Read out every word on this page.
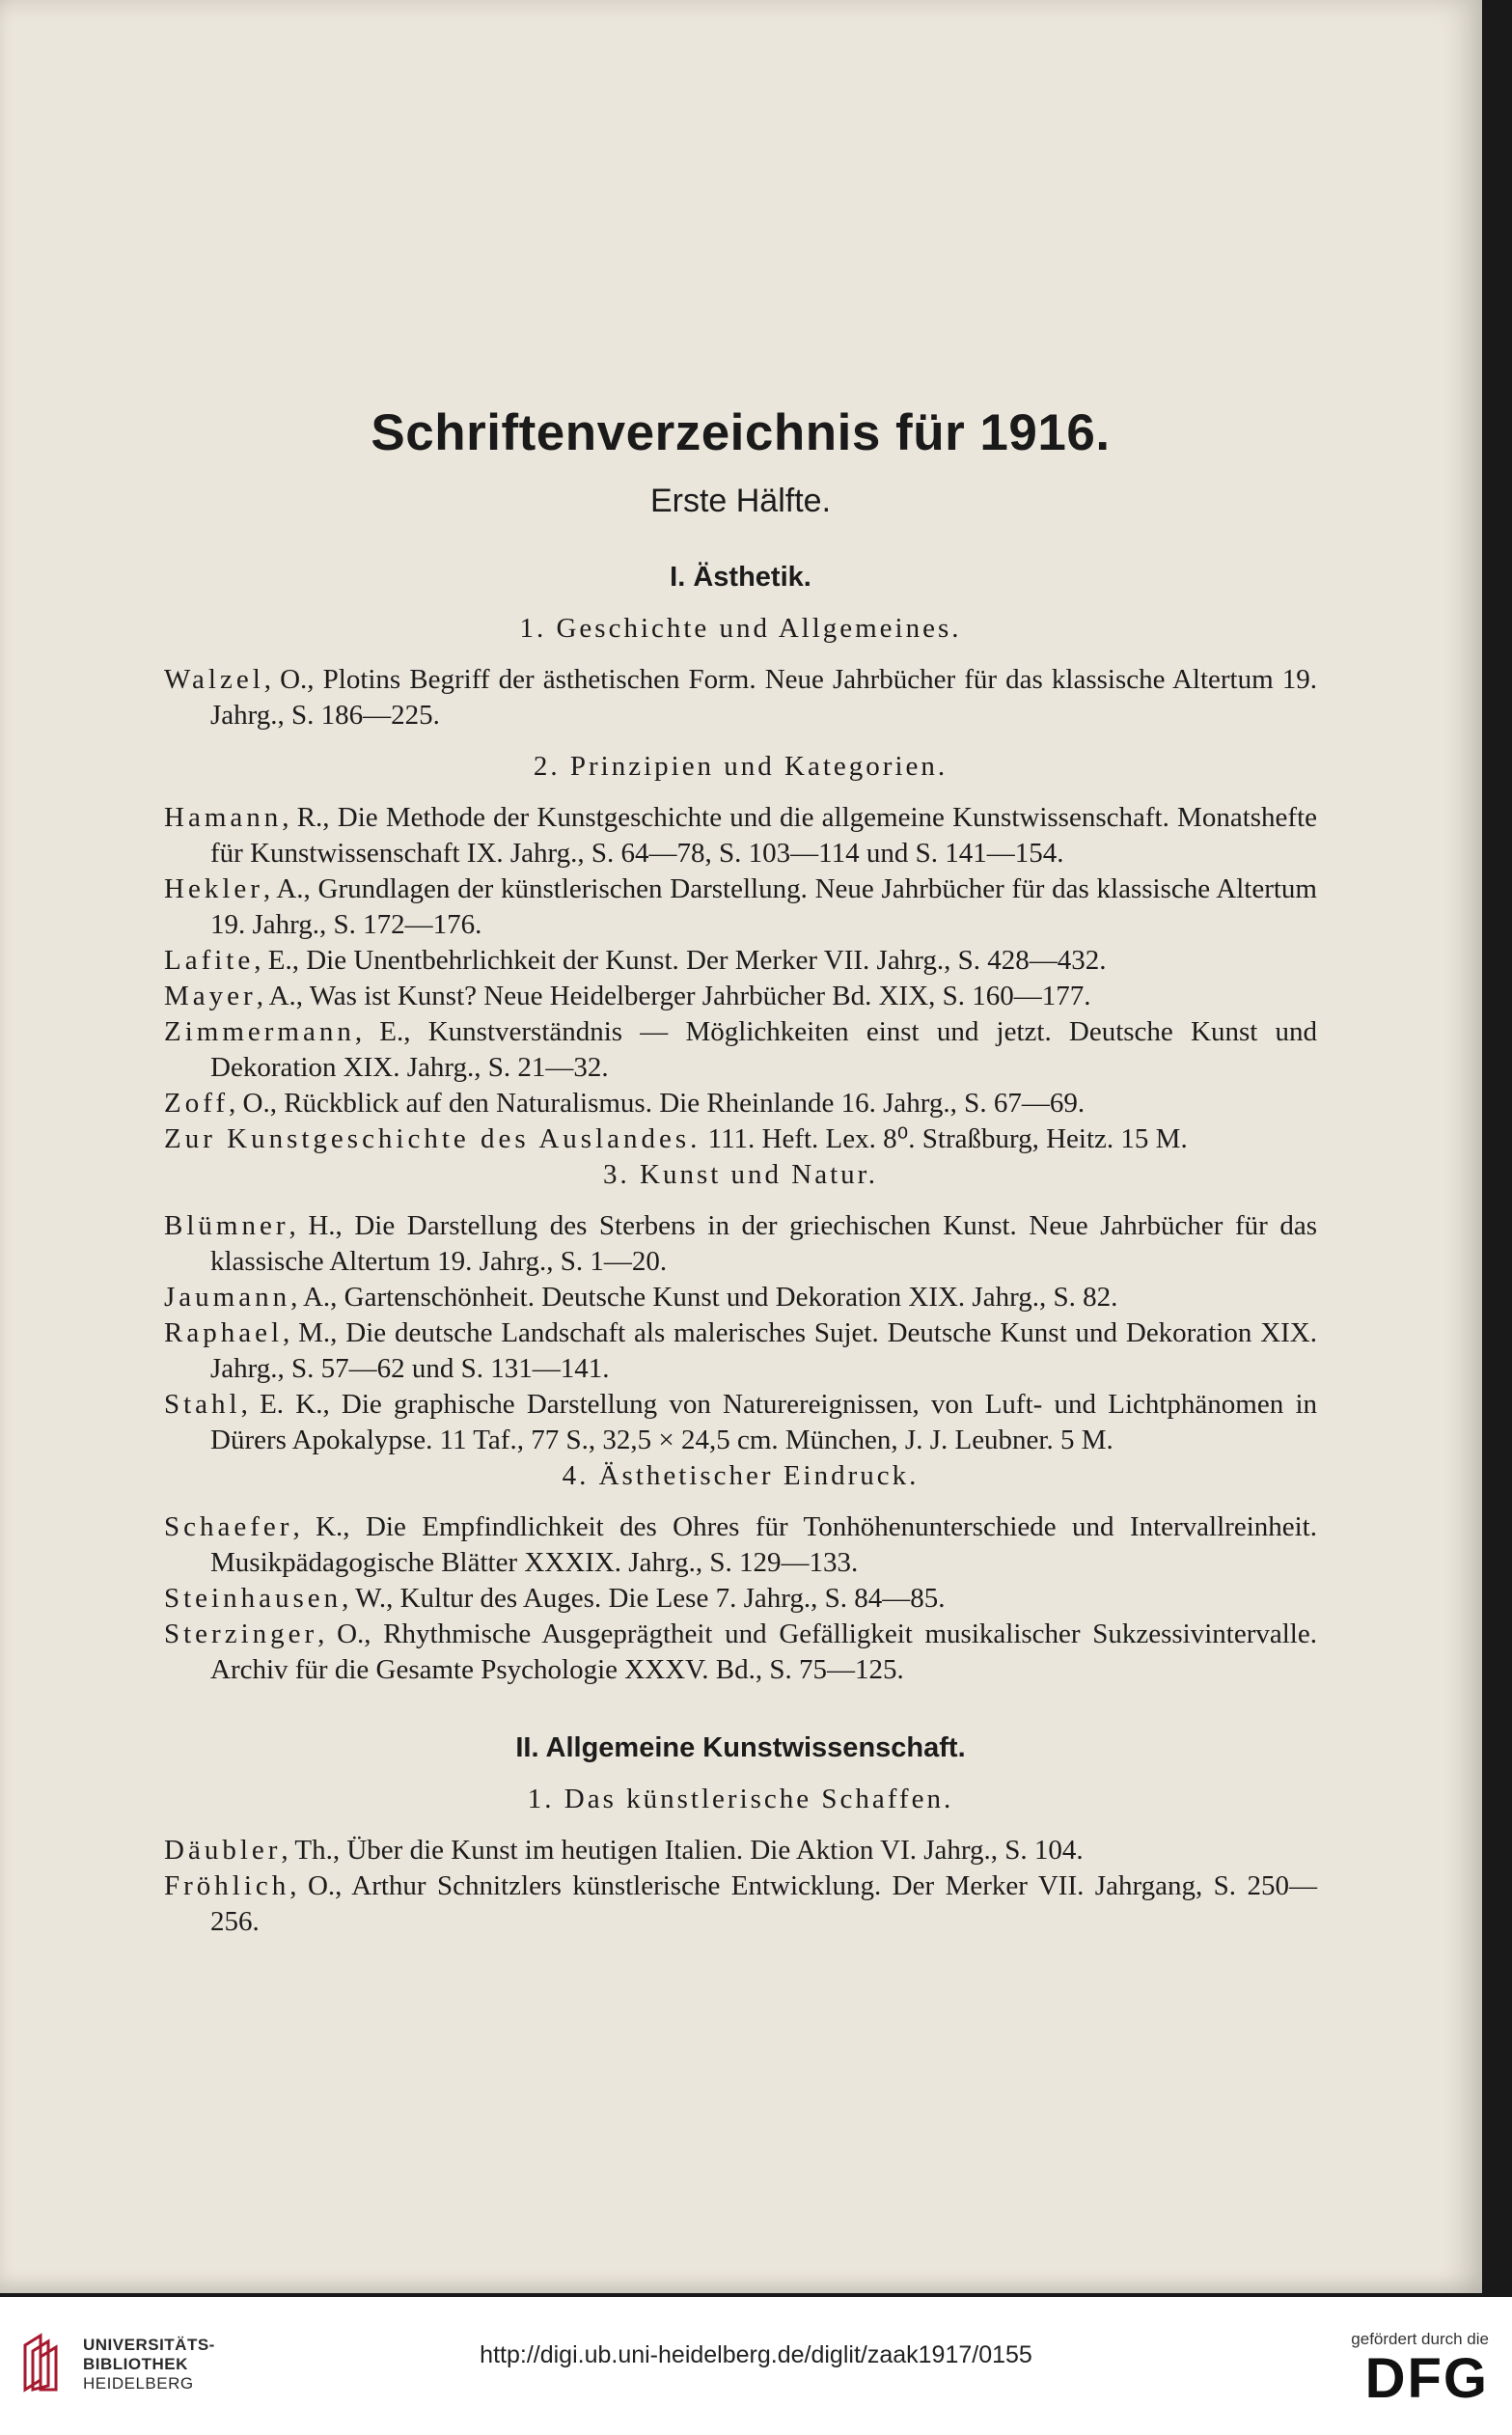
Schriftenverzeichnis für 1916.
Erste Hälfte.
I. Ästhetik.
1. Geschichte und Allgemeines.
Walzel, O., Plotins Begriff der ästhetischen Form. Neue Jahrbücher für das klassische Altertum 19. Jahrg., S. 186—225.
2. Prinzipien und Kategorien.
Hamann, R., Die Methode der Kunstgeschichte und die allgemeine Kunstwissenschaft. Monatshefte für Kunstwissenschaft IX. Jahrg., S. 64—78, S. 103—114 und S. 141—154.
Hekler, A., Grundlagen der künstlerischen Darstellung. Neue Jahrbücher für das klassische Altertum 19. Jahrg., S. 172—176.
Lafite, E., Die Unentbehrlichkeit der Kunst. Der Merker VII. Jahrg., S. 428—432.
Mayer, A., Was ist Kunst? Neue Heidelberger Jahrbücher Bd. XIX, S. 160—177.
Zimmermann, E., Kunstverständnis — Möglichkeiten einst und jetzt. Deutsche Kunst und Dekoration XIX. Jahrg., S. 21—32.
Zoff, O., Rückblick auf den Naturalismus. Die Rheinlande 16. Jahrg., S. 67—69.
Zur Kunstgeschichte des Auslandes. 111. Heft. Lex. 8⁰. Straßburg, Heitz. 15 M.
3. Kunst und Natur.
Blümner, H., Die Darstellung des Sterbens in der griechischen Kunst. Neue Jahrbücher für das klassische Altertum 19. Jahrg., S. 1—20.
Jaumann, A., Gartenschönheit. Deutsche Kunst und Dekoration XIX. Jahrg., S. 82.
Raphael, M., Die deutsche Landschaft als malerisches Sujet. Deutsche Kunst und Dekoration XIX. Jahrg., S. 57—62 und S. 131—141.
Stahl, E. K., Die graphische Darstellung von Naturereignissen, von Luft- und Lichtphänomen in Dürers Apokalypse. 11 Taf., 77 S., 32,5 × 24,5 cm. München, J. J. Leubner. 5 M.
4. Ästhetischer Eindruck.
Schaefer, K., Die Empfindlichkeit des Ohres für Tonhöhenunterschiede und Intervallreinheit. Musikpädagogische Blätter XXXIX. Jahrg., S. 129—133.
Steinhausen, W., Kultur des Auges. Die Lese 7. Jahrg., S. 84—85.
Sterzinger, O., Rhythmische Ausgeprägtheit und Gefälligkeit musikalischer Sukzessivintervalle. Archiv für die Gesamte Psychologie XXXV. Bd., S. 75—125.
II. Allgemeine Kunstwissenschaft.
1. Das künstlerische Schaffen.
Däubler, Th., Über die Kunst im heutigen Italien. Die Aktion VI. Jahrg., S. 104.
Fröhlich, O., Arthur Schnitzlers künstlerische Entwicklung. Der Merker VII. Jahrgang, S. 250—256.
UNIVERSITÄTS-
BIBLIOTHEK
HEIDELBERG
http://digi.ub.uni-heidelberg.de/diglit/zaak1917/0155
gefördert durch die
DFG
